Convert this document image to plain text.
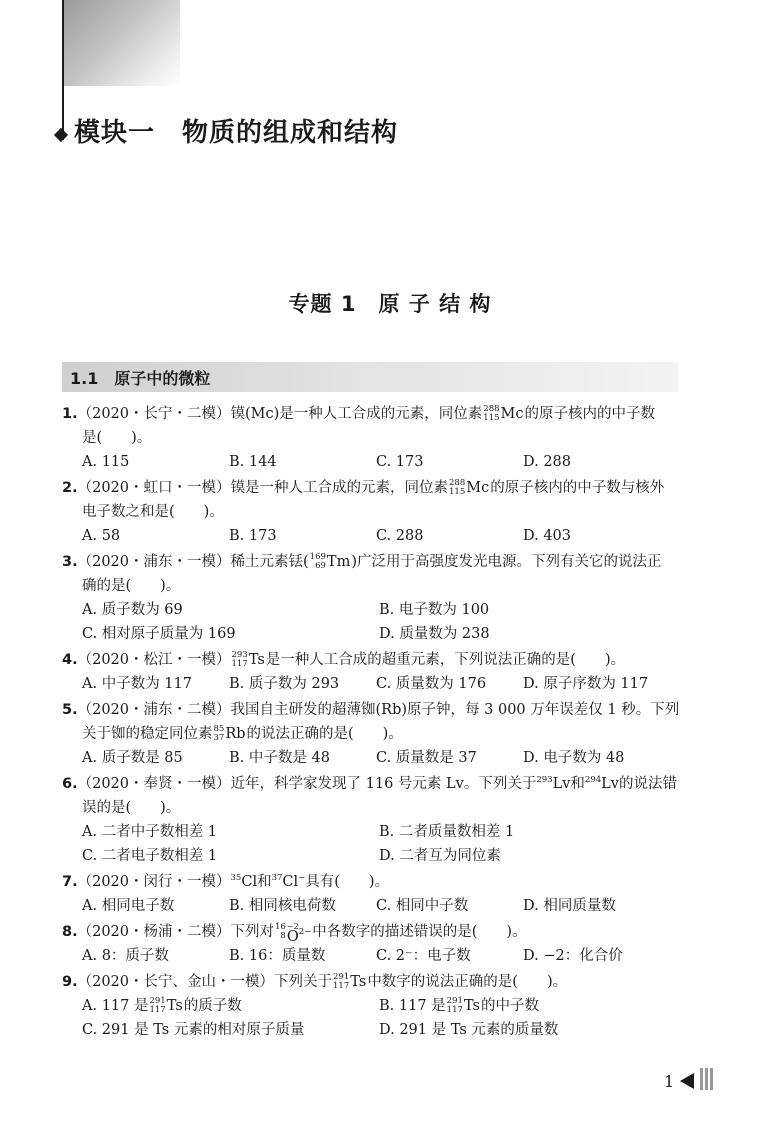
模块一　物质的组成和结构
专题 1　原 子 结 构
1.1　原子中的微粒
1.（2020・长宁・二模）镆(Mc)是一种人工合成的元素，同位素 288
115 Mc 的原子核内的中子数
是(　　)。
A. 115	B. 144	C. 173	D. 288
2.（2020・虹口・一模）镆是一种人工合成的元素，同位素 288
115 Mc 的原子核内的中子数与核外
电子数之和是(　　)。
A. 58	B. 173	C. 288	D. 403
3.（2020・浦东・一模）稀土元素铥( 169
69 Tm )广泛用于高强度发光电源。下列有关它的说法正
确的是(　　)。
A. 质子数为 69	B. 电子数为 100
C. 相对原子质量为 169	D. 质量数为 238
4.（2020・松江・一模） 293
117 Ts 是一种人工合成的超重元素，下列说法正确的是(　　)。
A. 中子数为 117	B. 质子数为 293	C. 质量数为 176	D. 原子序数为 117
5.（2020・浦东・二模）我国自主研发的超薄铷(Rb)原子钟，每 3 000 万年误差仅 1 秒。下列
关于铷的稳定同位素 85
37 Rb 的说法正确的是(　　)。
A. 质子数是 85	B. 中子数是 48	C. 质量数是 37	D. 电子数为 48
6.（2020・奉贤・一模）近年，科学家发现了 116 号元素 Lv。下列关于$^{293}$Lv和$^{294}$Lv的说法错
误的是(　　)。
A. 二者中子数相差 1	B. 二者质量数相差 1
C. 二者电子数相差 1	D. 二者互为同位素
7.（2020・闵行・一模）$^{35}$Cl和$^{37}$Cl−具有(　　)。
A. 相同电子数	B. 相同核电荷数	C. 相同中子数	D. 相同质量数
8.（2020・杨浦・二模）下列对 16
8
−2
O 2− 中各数字的描述错误的是(　　)。
A. 8：质子数	B. 16：质量数	C. 2⁻：电子数	D. −2：化合价
9.（2020・长宁、金山・一模）下列关于 291
117 Ts 中数字的说法正确的是(　　)。
A. 117 是 291
117 Ts 的质子数	B. 117 是 291
117 Ts 的中子数
C. 291 是 Ts 元素的相对原子质量	D. 291 是 Ts 元素的质量数
1
